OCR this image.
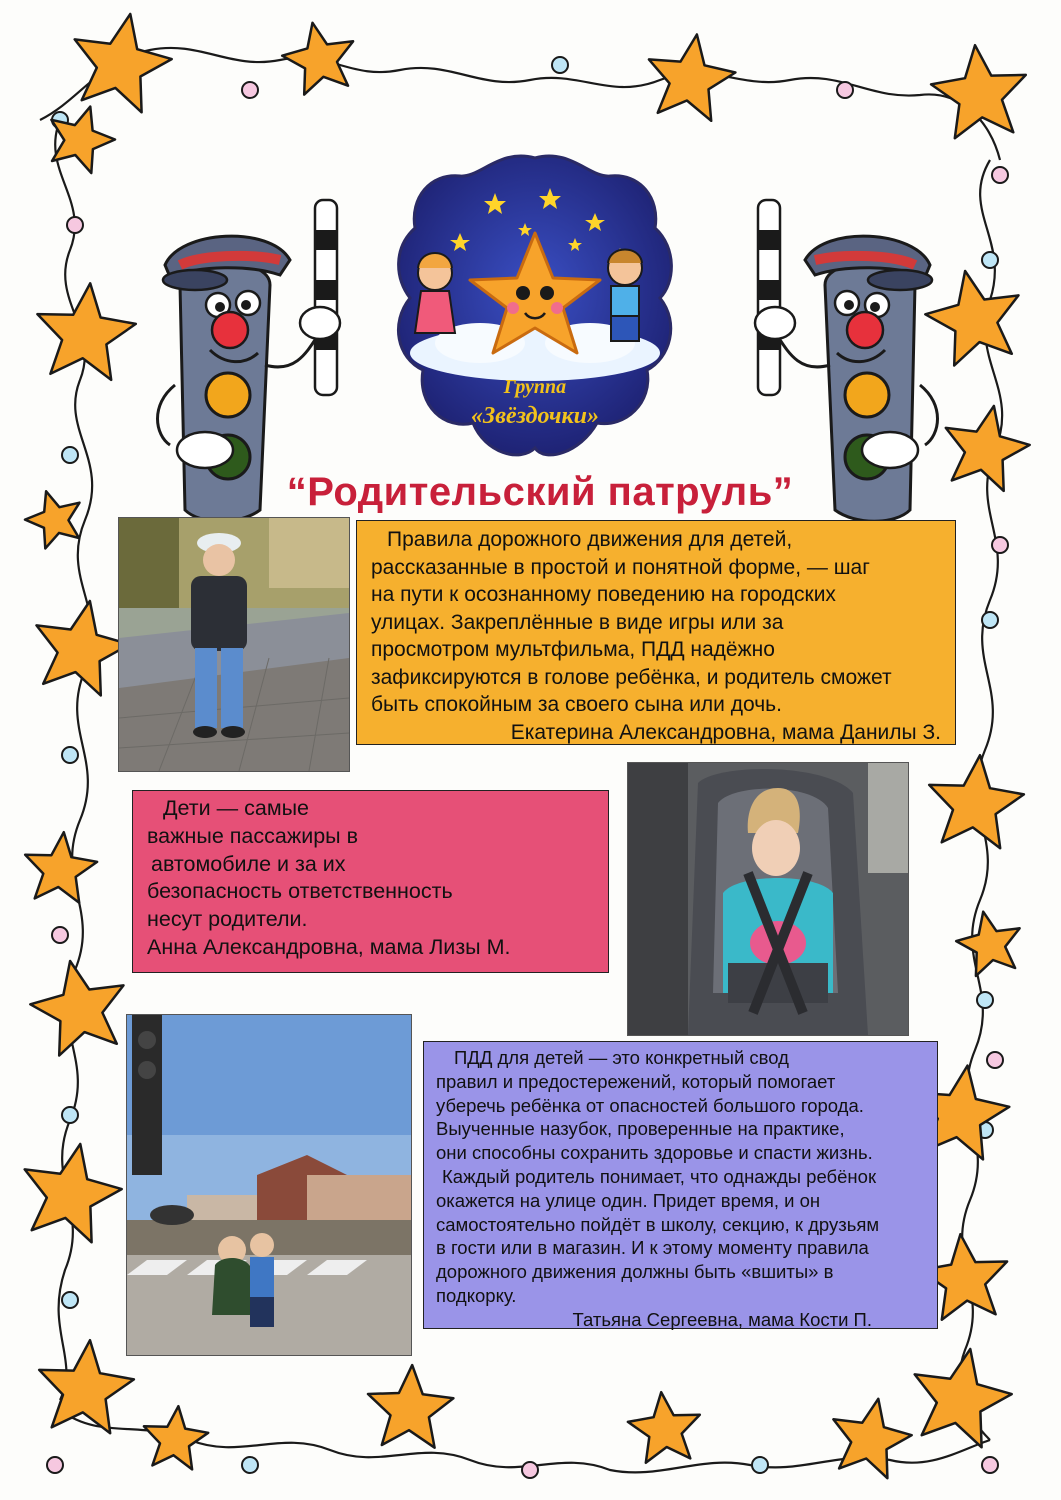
Группа
«Звёздочки»
“Родительский патруль”

Правила дорожного движения для детей,

рассказанные в простой и понятной форме, — шаг

на пути к осознанному поведению на городских

улицах. Закреплённые в виде игры или за

просмотром мультфильма, ПДД надёжно

зафиксируются в голове ребёнка, и родитель сможет

быть спокойным за своего сына или дочь.

Екатерина Александровна, мама Данилы З.

Дети — самые

важные пассажиры в

автомобиле и за их

безопасность ответственность

несут родители.

Анна Александровна, мама Лизы М.

ПДД для детей — это конкретный свод

правил и предостережений, который помогает

уберечь ребёнка от опасностей большого города.

Выученные назубок, проверенные на практике,

они способны сохранить здоровье и спасти жизнь.

Каждый родитель понимает, что однажды ребёнок

окажется на улице один. Придет время, и он

самостоятельно пойдёт в школу, секцию, к друзьям

в гости или в магазин. И к этому моменту правила

дорожного движения должны быть «вшиты» в

подкорку.

Татьяна Сергеевна, мама Кости П.
